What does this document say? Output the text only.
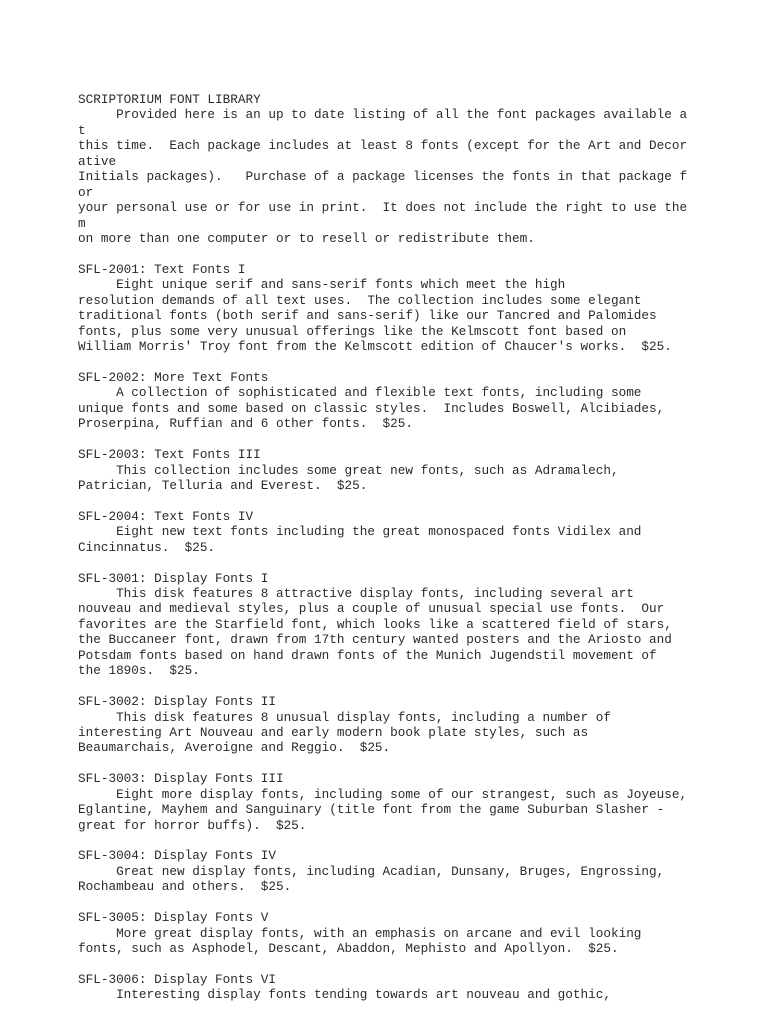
SCRIPTORIUM FONT LIBRARY
Provided here is an up to date listing of all the font packages available a
t
this time.  Each package includes at least 8 fonts (except for the Art and Decor
ative
Initials packages).   Purchase of a package licenses the fonts in that package f
or
your personal use or for use in print.  It does not include the right to use the
m
on more than one computer or to resell or redistribute them.
SFL-2001: Text Fonts I
Eight unique serif and sans-serif fonts which meet the high
resolution demands of all text uses.  The collection includes some elegant
traditional fonts (both serif and sans-serif) like our Tancred and Palomides
fonts, plus some very unusual offerings like the Kelmscott font based on
William Morris' Troy font from the Kelmscott edition of Chaucer's works.  $25.
SFL-2002: More Text Fonts
A collection of sophisticated and flexible text fonts, including some
unique fonts and some based on classic styles.  Includes Boswell, Alcibiades,
Proserpina, Ruffian and 6 other fonts.  $25.
SFL-2003: Text Fonts III
This collection includes some great new fonts, such as Adramalech,
Patrician, Telluria and Everest.  $25.
SFL-2004: Text Fonts IV
Eight new text fonts including the great monospaced fonts Vidilex and
Cincinnatus.  $25.
SFL-3001: Display Fonts I
This disk features 8 attractive display fonts, including several art
nouveau and medieval styles, plus a couple of unusual special use fonts.  Our
favorites are the Starfield font, which looks like a scattered field of stars,
the Buccaneer font, drawn from 17th century wanted posters and the Ariosto and
Potsdam fonts based on hand drawn fonts of the Munich Jugendstil movement of
the 1890s.  $25.
SFL-3002: Display Fonts II
This disk features 8 unusual display fonts, including a number of
interesting Art Nouveau and early modern book plate styles, such as
Beaumarchais, Averoigne and Reggio.  $25.
SFL-3003: Display Fonts III
Eight more display fonts, including some of our strangest, such as Joyeuse,
Eglantine, Mayhem and Sanguinary (title font from the game Suburban Slasher -
great for horror buffs).  $25.
SFL-3004: Display Fonts IV
Great new display fonts, including Acadian, Dunsany, Bruges, Engrossing,
Rochambeau and others.  $25.
SFL-3005: Display Fonts V
More great display fonts, with an emphasis on arcane and evil looking
fonts, such as Asphodel, Descant, Abaddon, Mephisto and Apollyon.  $25.
SFL-3006: Display Fonts VI
Interesting display fonts tending towards art nouveau and gothic,
